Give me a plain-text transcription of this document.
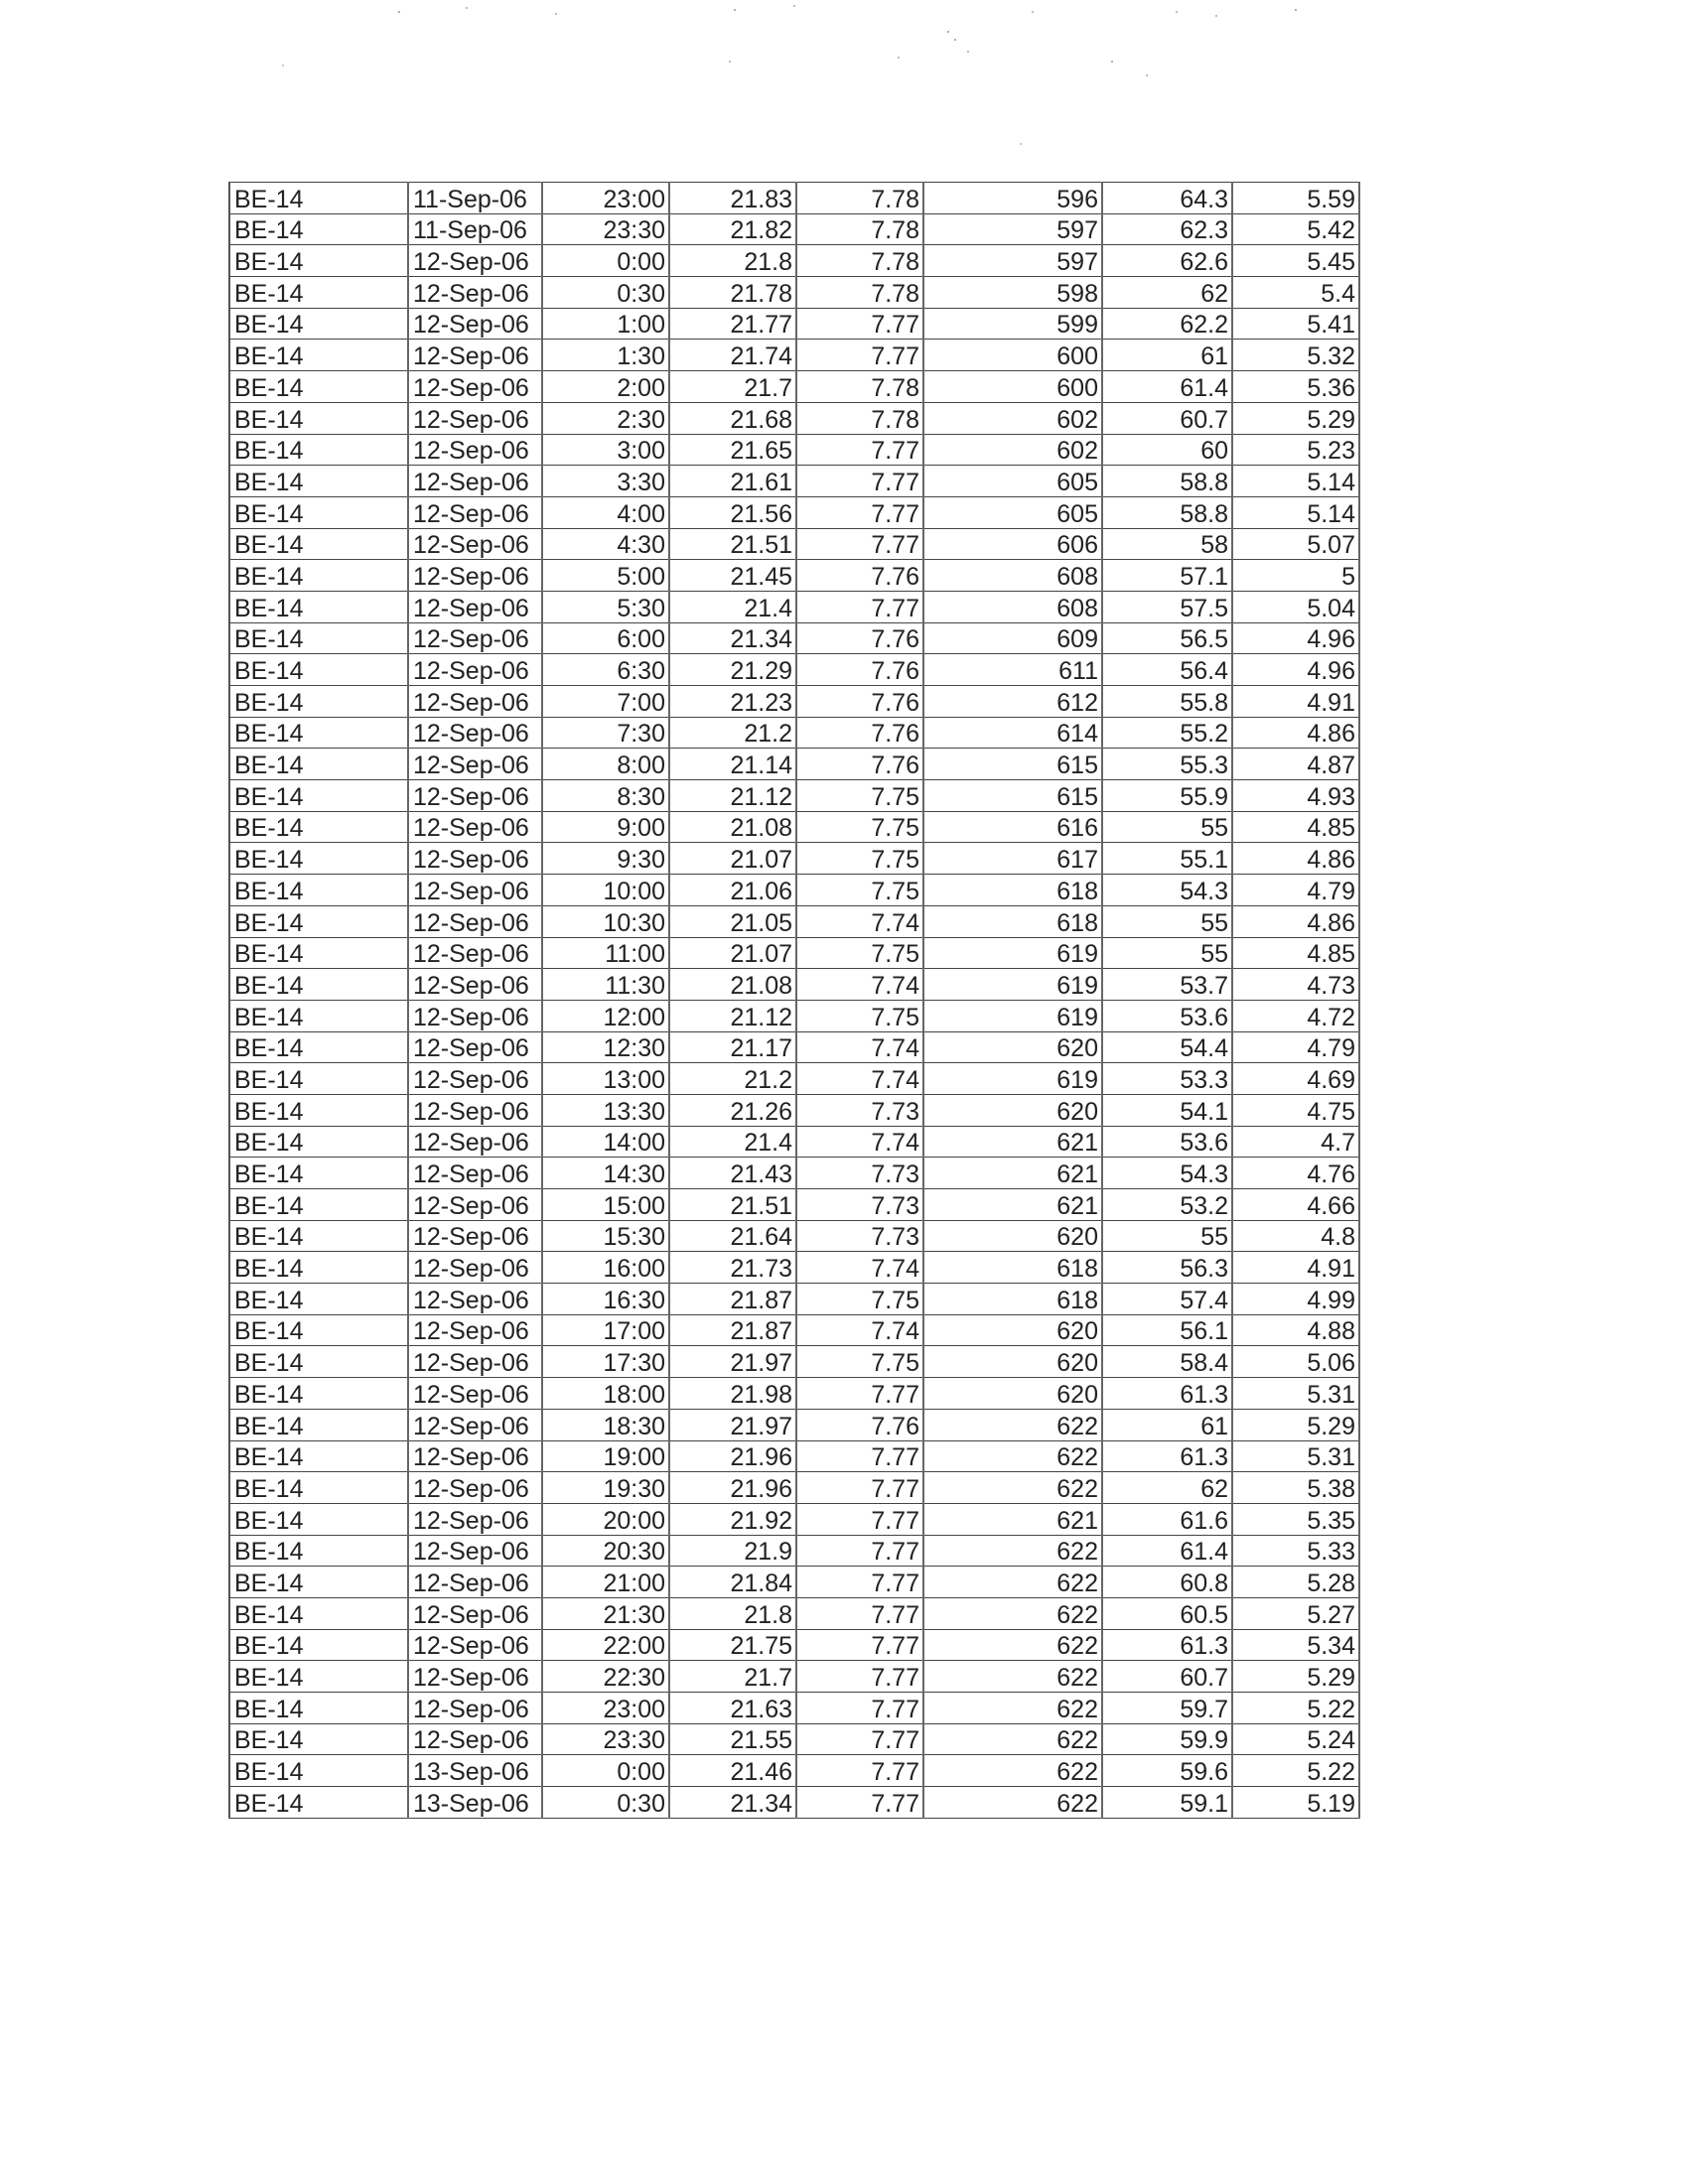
BE-14	11-Sep-06	23:00	21.83	7.78	596	64.3	5.59
BE-14	11-Sep-06	23:30	21.82	7.78	597	62.3	5.42
BE-14	12-Sep-06	0:00	21.8	7.78	597	62.6	5.45
BE-14	12-Sep-06	0:30	21.78	7.78	598	62	5.4
BE-14	12-Sep-06	1:00	21.77	7.77	599	62.2	5.41
BE-14	12-Sep-06	1:30	21.74	7.77	600	61	5.32
BE-14	12-Sep-06	2:00	21.7	7.78	600	61.4	5.36
BE-14	12-Sep-06	2:30	21.68	7.78	602	60.7	5.29
BE-14	12-Sep-06	3:00	21.65	7.77	602	60	5.23
BE-14	12-Sep-06	3:30	21.61	7.77	605	58.8	5.14
BE-14	12-Sep-06	4:00	21.56	7.77	605	58.8	5.14
BE-14	12-Sep-06	4:30	21.51	7.77	606	58	5.07
BE-14	12-Sep-06	5:00	21.45	7.76	608	57.1	5
BE-14	12-Sep-06	5:30	21.4	7.77	608	57.5	5.04
BE-14	12-Sep-06	6:00	21.34	7.76	609	56.5	4.96
BE-14	12-Sep-06	6:30	21.29	7.76	611	56.4	4.96
BE-14	12-Sep-06	7:00	21.23	7.76	612	55.8	4.91
BE-14	12-Sep-06	7:30	21.2	7.76	614	55.2	4.86
BE-14	12-Sep-06	8:00	21.14	7.76	615	55.3	4.87
BE-14	12-Sep-06	8:30	21.12	7.75	615	55.9	4.93
BE-14	12-Sep-06	9:00	21.08	7.75	616	55	4.85
BE-14	12-Sep-06	9:30	21.07	7.75	617	55.1	4.86
BE-14	12-Sep-06	10:00	21.06	7.75	618	54.3	4.79
BE-14	12-Sep-06	10:30	21.05	7.74	618	55	4.86
BE-14	12-Sep-06	11:00	21.07	7.75	619	55	4.85
BE-14	12-Sep-06	11:30	21.08	7.74	619	53.7	4.73
BE-14	12-Sep-06	12:00	21.12	7.75	619	53.6	4.72
BE-14	12-Sep-06	12:30	21.17	7.74	620	54.4	4.79
BE-14	12-Sep-06	13:00	21.2	7.74	619	53.3	4.69
BE-14	12-Sep-06	13:30	21.26	7.73	620	54.1	4.75
BE-14	12-Sep-06	14:00	21.4	7.74	621	53.6	4.7
BE-14	12-Sep-06	14:30	21.43	7.73	621	54.3	4.76
BE-14	12-Sep-06	15:00	21.51	7.73	621	53.2	4.66
BE-14	12-Sep-06	15:30	21.64	7.73	620	55	4.8
BE-14	12-Sep-06	16:00	21.73	7.74	618	56.3	4.91
BE-14	12-Sep-06	16:30	21.87	7.75	618	57.4	4.99
BE-14	12-Sep-06	17:00	21.87	7.74	620	56.1	4.88
BE-14	12-Sep-06	17:30	21.97	7.75	620	58.4	5.06
BE-14	12-Sep-06	18:00	21.98	7.77	620	61.3	5.31
BE-14	12-Sep-06	18:30	21.97	7.76	622	61	5.29
BE-14	12-Sep-06	19:00	21.96	7.77	622	61.3	5.31
BE-14	12-Sep-06	19:30	21.96	7.77	622	62	5.38
BE-14	12-Sep-06	20:00	21.92	7.77	621	61.6	5.35
BE-14	12-Sep-06	20:30	21.9	7.77	622	61.4	5.33
BE-14	12-Sep-06	21:00	21.84	7.77	622	60.8	5.28
BE-14	12-Sep-06	21:30	21.8	7.77	622	60.5	5.27
BE-14	12-Sep-06	22:00	21.75	7.77	622	61.3	5.34
BE-14	12-Sep-06	22:30	21.7	7.77	622	60.7	5.29
BE-14	12-Sep-06	23:00	21.63	7.77	622	59.7	5.22
BE-14	12-Sep-06	23:30	21.55	7.77	622	59.9	5.24
BE-14	13-Sep-06	0:00	21.46	7.77	622	59.6	5.22
BE-14	13-Sep-06	0:30	21.34	7.77	622	59.1	5.19
